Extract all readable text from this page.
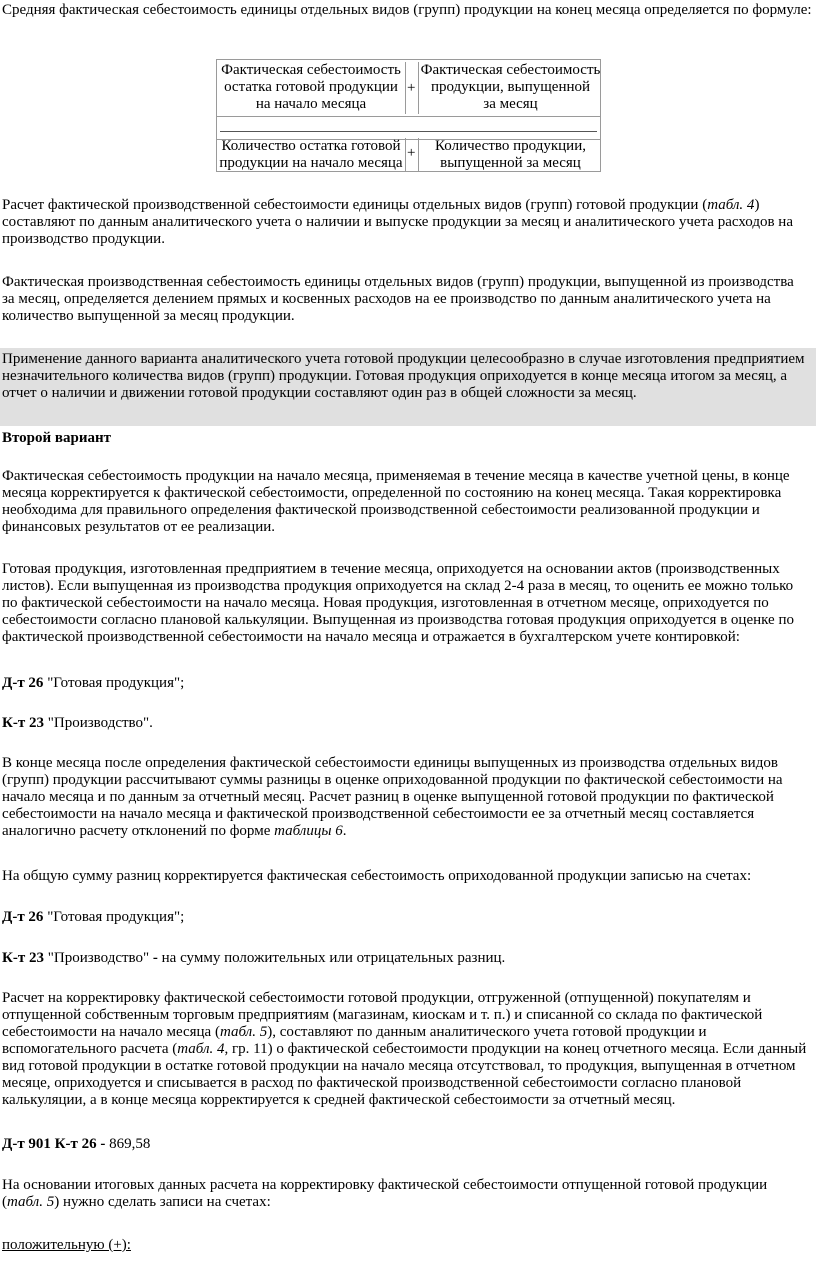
Средняя фактическая себестоимость единицы отдельных видов (групп) продукции на конец месяца определяется по формуле:

Фактическая себестоимость
остатка готовой продукции
на начало месяца
+
Фактическая себестоимость
продукции, выпущенной
за месяц
Количество остатка готовой
продукции на начало месяца
+	Количество продукции,
выпущенной за месяц

Расчет фактической производственной себестоимости единицы отдельных видов (групп) готовой продукции (табл. 4) составляют по данным аналитического учета о наличии и выпуске продукции за месяц и аналитического учета расходов на производство продукции.

Фактическая производственная себестоимость единицы отдельных видов (групп) продукции, выпущенной из производства за месяц, определяется делением прямых и косвенных расходов на ее производство по данным аналитического учета на количество выпущенной за месяц продукции.

Применение данного варианта аналитического учета готовой продукции целесообразно в случае изготовления предприятием незначительного количества видов (групп) продукции. Готовая продукция оприходуется в конце месяца итогом за месяц, а отчет о наличии и движении готовой продукции составляют один раз в общей сложности за месяц.

Второй вариант

Фактическая себестоимость продукции на начало месяца, применяемая в течение месяца в качестве учетной цены, в конце месяца корректируется к фактической себестоимости, определенной по состоянию на конец месяца. Такая корректировка необходима для правильного определения фактической производственной себестоимости реализованной продукции и финансовых результатов от ее реализации.

Готовая продукция, изготовленная предприятием в течение месяца, оприходуется на основании актов (производственных листов). Если выпущенная из производства продукция оприходуется на склад 2-4 раза в месяц, то оценить ее можно только по фактической себестоимости на начало месяца. Новая продукция, изготовленная в отчетном месяце, оприходуется по себестоимости согласно плановой калькуляции. Выпущенная из производства готовая продукция оприходуется в оценке по фактической производственной себестоимости на начало месяца и отражается в бухгалтерском учете контировкой:

Д-т 26 "Готовая продукция";

К-т 23 "Производство".

В конце месяца после определения фактической себестоимости единицы выпущенных из производства отдельных видов (групп) продукции рассчитывают суммы разницы в оценке оприходованной продукции по фактической себестоимости на начало месяца и по данным за отчетный месяц. Расчет разниц в оценке выпущенной готовой продукции по фактической себестоимости на начало месяца и фактической производственной себестоимости ее за отчетный месяц составляется аналогично расчету отклонений по форме таблицы 6.

На общую сумму разниц корректируется фактическая себестоимость оприходованной продукции записью на счетах:

Д-т 26 "Готовая продукция";

К-т 23 "Производство" - на сумму положительных или отрицательных разниц.

Расчет на корректировку фактической себестоимости готовой продукции, отгруженной (отпущенной) покупателям и отпущенной собственным торговым предприятиям (магазинам, киоскам и т. п.) и списанной со склада по фактической себестоимости на начало месяца (табл. 5), составляют по данным аналитического учета готовой продукции и вспомогательного расчета (табл. 4, гр. 11) о фактической себестоимости продукции на конец отчетного месяца. Если данный вид готовой продукции в остатке готовой продукции на начало месяца отсутствовал, то продукция, выпущенная в отчетном месяце, оприходуется и списывается в расход по фактической производственной себестоимости согласно плановой калькуляции, а в конце месяца корректируется к средней фактической себестоимости за отчетный месяц.

Д-т 901 К-т 26 - 869,58

На основании итоговых данных расчета на корректировку фактической себестоимости отпущенной готовой продукции (табл. 5) нужно сделать записи на счетах:

положительную (+):
